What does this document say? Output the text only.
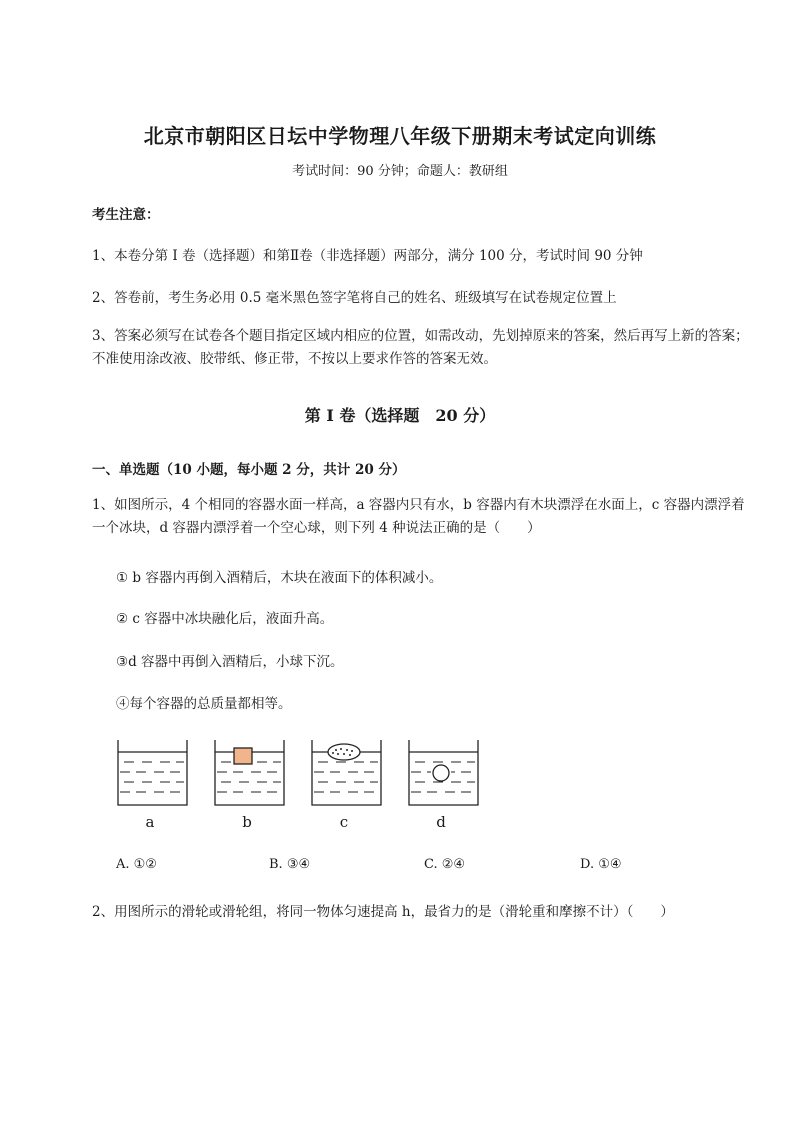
北京市朝阳区日坛中学物理八年级下册期末考试定向训练
考试时间：90 分钟；命题人：教研组
考生注意：
1、本卷分第 I 卷（选择题）和第Ⅱ卷（非选择题）两部分，满分 100 分，考试时间 90 分钟
2、答卷前，考生务必用 0.5 毫米黑色签字笔将自己的姓名、班级填写在试卷规定位置上
3、答案必须写在试卷各个题目指定区域内相应的位置，如需改动，先划掉原来的答案，然后再写上新的答案；不准使用涂改液、胶带纸、修正带，不按以上要求作答的答案无效。
第 I 卷（选择题　20 分）
一、单选题（10 小题，每小题 2 分，共计 20 分）
1、如图所示，4 个相同的容器水面一样高，a 容器内只有水，b 容器内有木块漂浮在水面上，c 容器内漂浮着一个冰块，d 容器内漂浮着一个空心球，则下列 4 种说法正确的是（　　）
① b 容器内再倒入酒精后，木块在液面下的体积减小。
② c 容器中冰块融化后，液面升高。
③d 容器中再倒入酒精后，小球下沉。
④每个容器的总质量都相等。
a	b	c	d
A. ①②	B. ③④	C. ②④	D. ①④
2、用图所示的滑轮或滑轮组，将同一物体匀速提高 h，最省力的是（滑轮重和摩擦不计）（　　）
